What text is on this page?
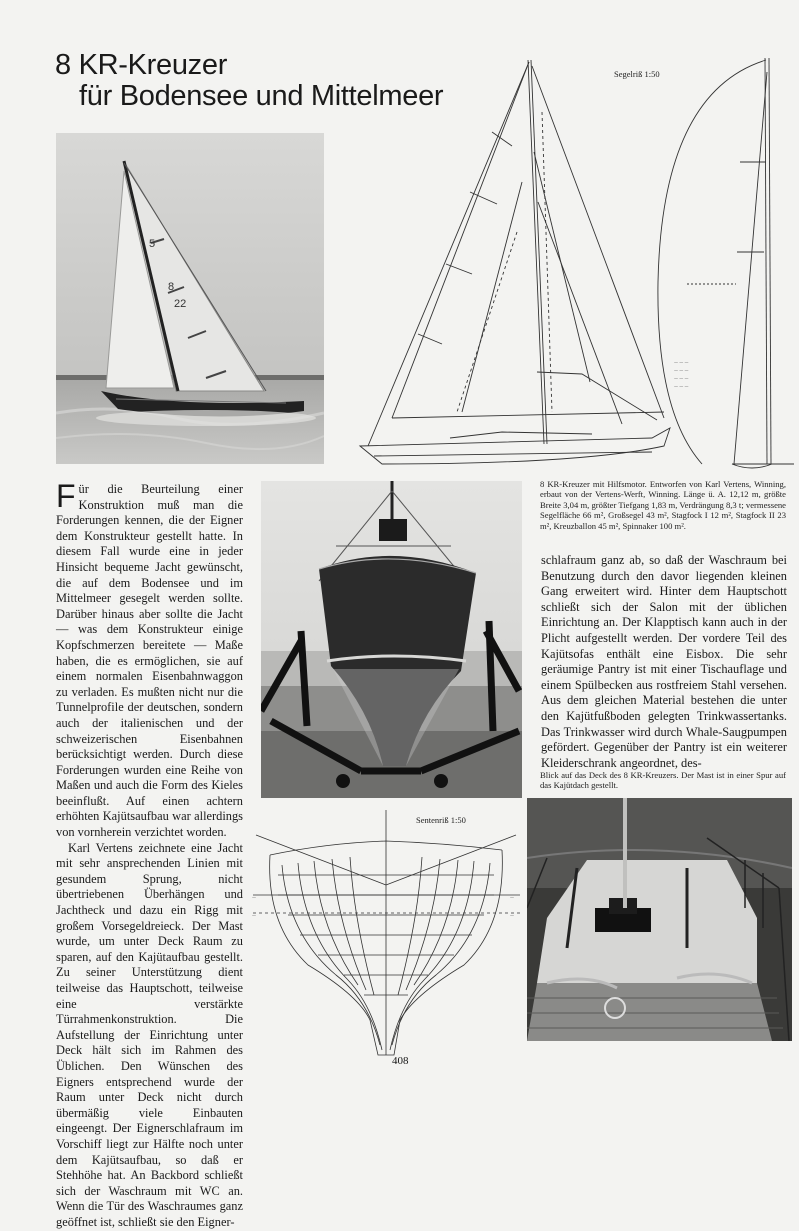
8 KR-Kreuzer
für Bodensee und Mittelmeer
5
8
22
— — —
— — —
— — —
— — —
Segelriß 1:50

Für die Beurteilung einer Konstruktion muß man die Forderungen kennen, die der Eigner dem Konstrukteur gestellt hatte. In diesem Fall wurde eine in jeder Hinsicht bequeme Jacht gewünscht, die auf dem Bodensee und im Mittelmeer gesegelt werden sollte. Darüber hinaus aber sollte die Jacht — was dem Konstrukteur einige Kopfschmerzen bereitete — Maße haben, die es ermöglichen, sie auf einem normalen Eisenbahnwaggon zu verladen. Es mußten nicht nur die Tunnelprofile der deutschen, sondern auch der italienischen und der schweizerischen Eisenbahnen berücksichtigt werden. Durch diese Forderungen wurden eine Reihe von Maßen und auch die Form des Kieles beeinflußt. Auf einen achtern erhöhten Kajütsaufbau war allerdings von vornherein verzichtet worden.

Karl Vertens zeichnete eine Jacht mit sehr ansprechenden Linien mit gesundem Sprung, nicht übertriebenen Überhängen und Jachtheck und dazu ein Rigg mit großem Vorsegeldreieck. Der Mast wurde, um unter Deck Raum zu sparen, auf den Kajütaufbau gestellt. Zu seiner Unterstützung dient teilweise das Hauptschott, teilweise eine verstärkte Türrahmenkonstruktion. Die Aufstellung der Einrichtung unter Deck hält sich im Rahmen des Üblichen. Den Wünschen des Eigners entsprechend wurde der Raum unter Deck nicht durch übermäßig viele Einbauten eingeengt. Der Eignerschlafraum im Vorschiff liegt zur Hälfte noch unter dem Kajütsaufbau, so daß er Stehhöhe hat. An Backbord schließt sich der Waschraum mit WC an. Wenn die Tür des Waschraumes ganz geöffnet ist, schließt sie den Eigner-

8 KR-Kreuzer mit Hilfsmotor. Entworfen von Karl Vertens, Winning, erbaut von der Vertens-Werft, Winning. Länge ü. A. 12,12 m, größte Breite 3,04 m, größter Tiefgang 1,83 m, Verdrängung 8,3 t; vermessene Segelfläche 66 m², Großsegel 43 m², Stagfock I 12 m², Stagfock II 23 m², Kreuzballon 45 m², Spinnaker 100 m².

schlafraum ganz ab, so daß der Waschraum bei Benutzung durch den davor liegenden kleinen Gang erweitert wird. Hinter dem Hauptschott schließt sich der Salon mit der üblichen Einrichtung an. Der Klapptisch kann auch in der Plicht aufgestellt werden. Der vordere Teil des Kajütsofas enthält eine Eisbox. Die sehr geräumige Pantry ist mit einer Tischauflage und einem Spülbecken aus rostfreiem Stahl versehen. Aus dem gleichen Material bestehen die unter den Kajütfußboden gelegten Trinkwassertanks. Das Trinkwasser wird durch Whale-Saugpumpen gefördert. Gegenüber der Pantry ist ein weiterer Kleiderschrank angeordnet, des-

Blick auf das Deck des 8 KR-Kreuzers. Der Mast ist in einer Spur auf das Kajütdach gestellt.
—
—
—
—
Sentenriß 1:50
408
